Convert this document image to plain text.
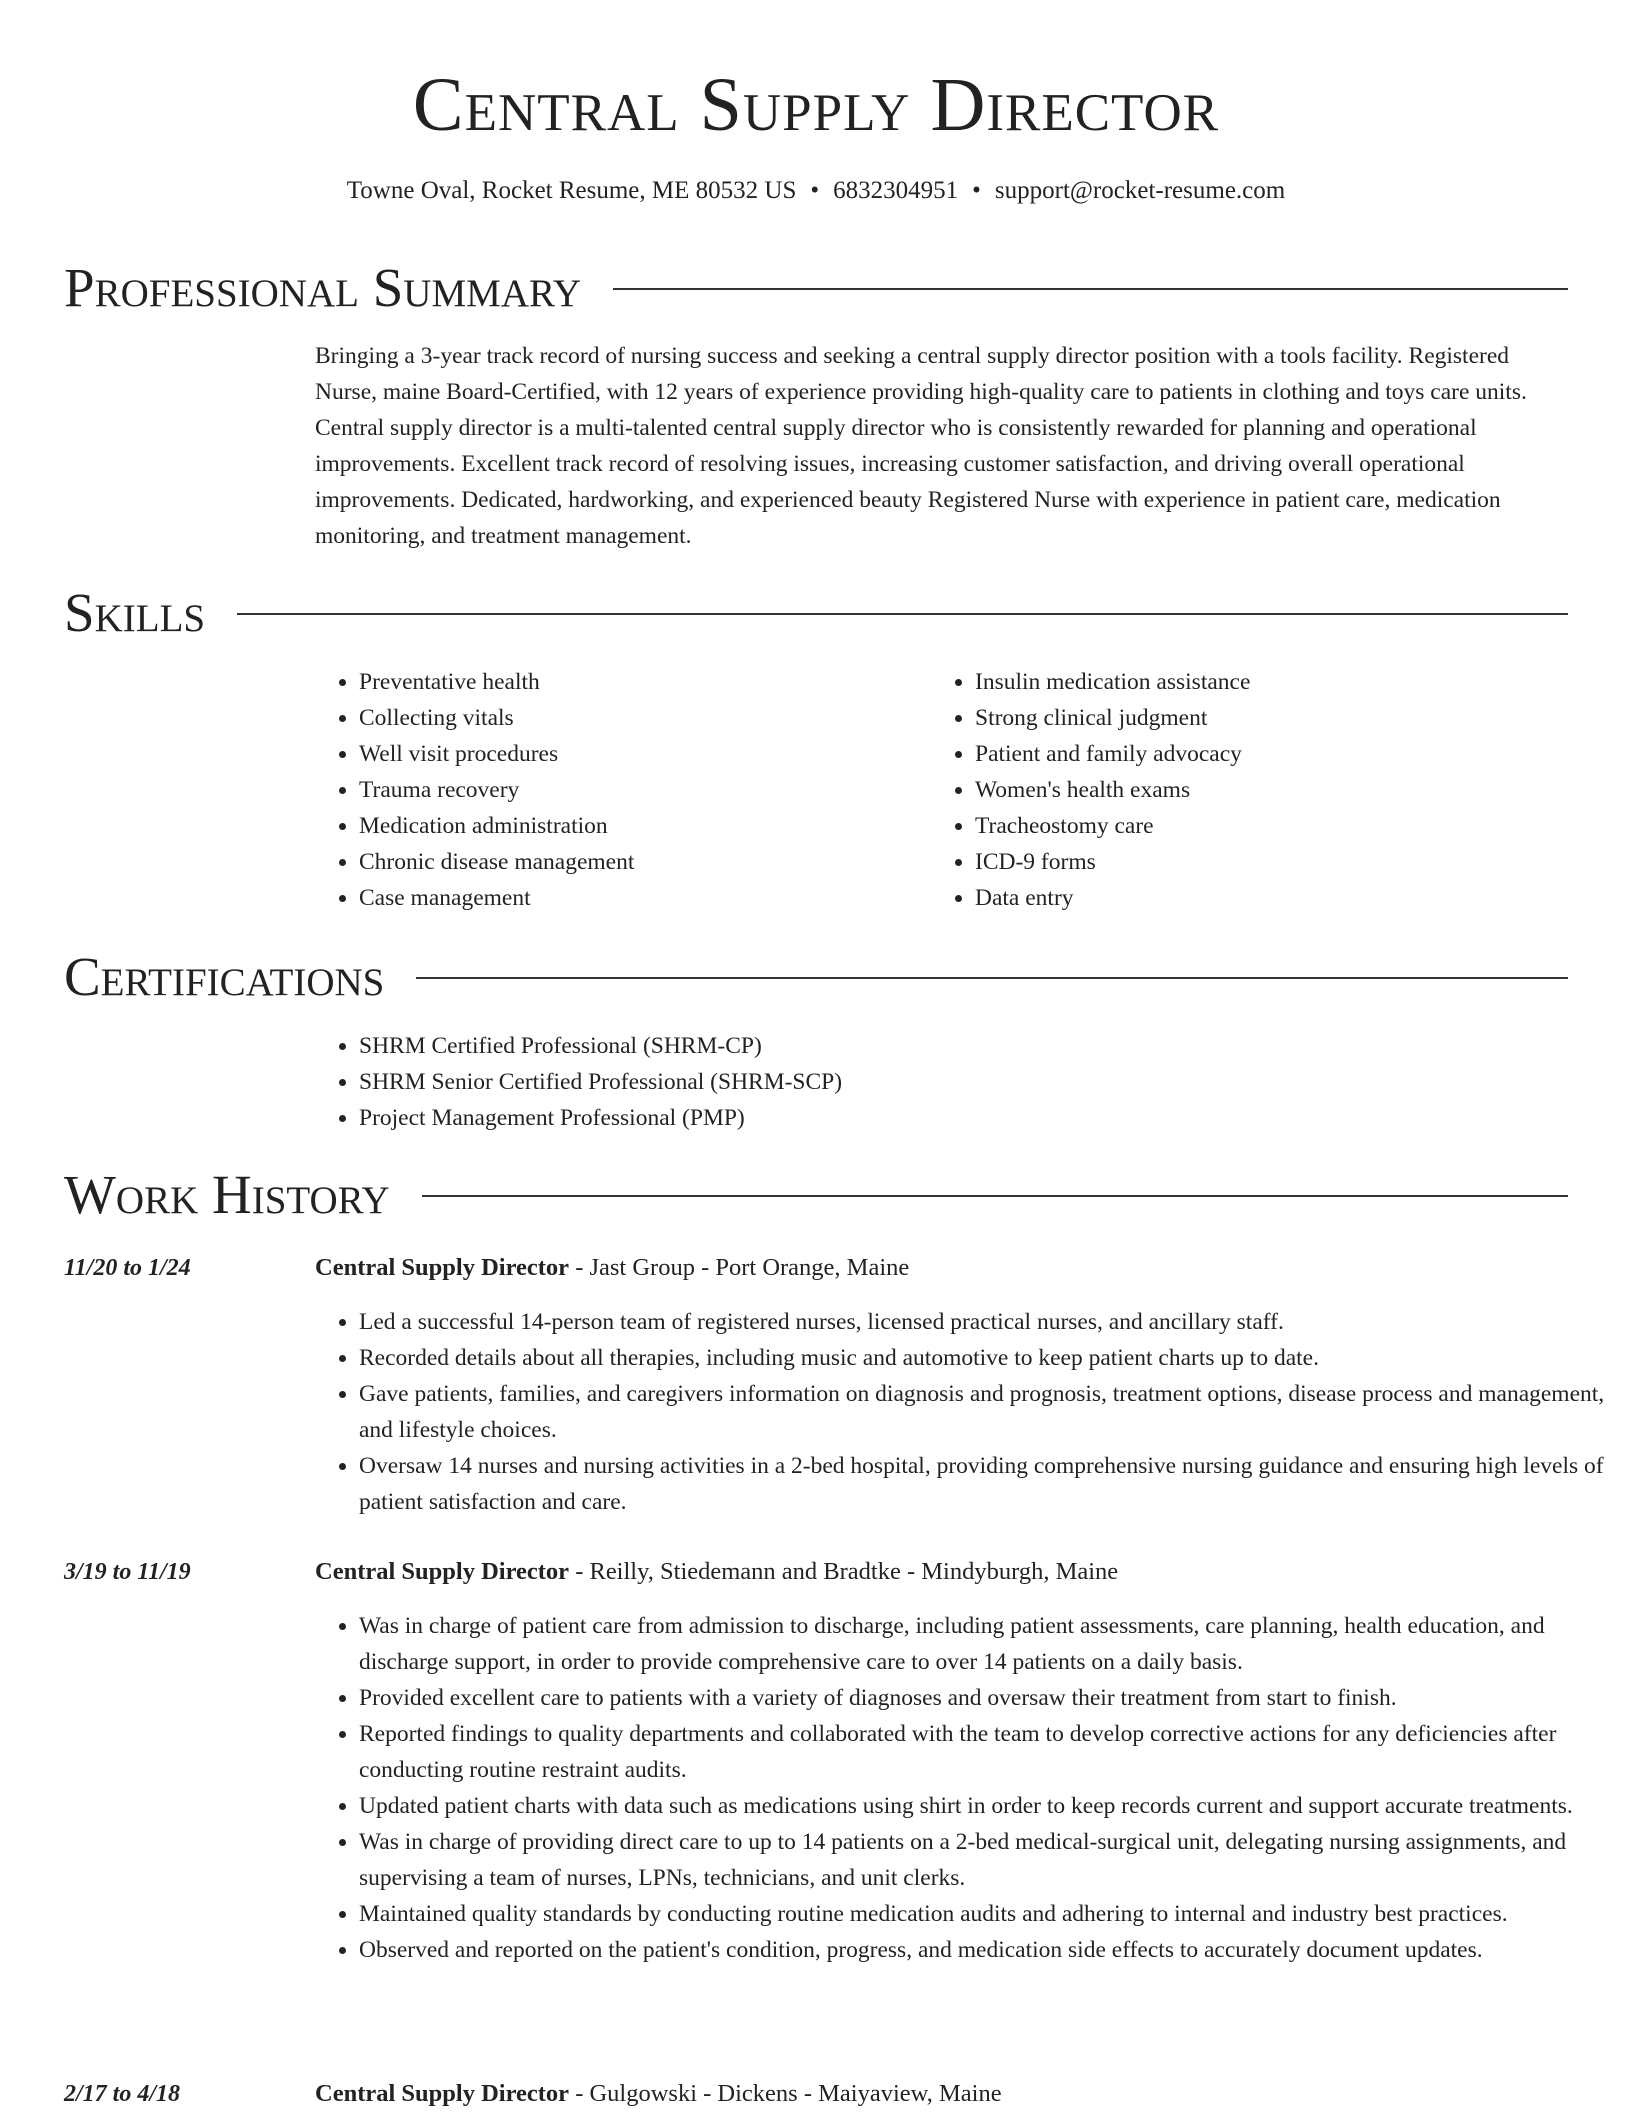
Central Supply Director
Towne Oval, Rocket Resume, ME 80532 US • 6832304951 • support@rocket-resume.com
Professional Summary

Bringing a 3-year track record of nursing success and seeking a central supply director position with a tools facility. Registered Nurse, maine Board-Certified, with 12 years of experience providing high-quality care to patients in clothing and toys care units. Central supply director is a multi-talented central supply director who is consistently rewarded for planning and operational improvements. Excellent track record of resolving issues, increasing customer satisfaction, and driving overall operational improvements. Dedicated, hardworking, and experienced beauty Registered Nurse with experience in patient care, medication monitoring, and treatment management.

Skills
• Preventative health
• Collecting vitals
• Well visit procedures
• Trauma recovery
• Medication administration
• Chronic disease management
• Case management
• Insulin medication assistance
• Strong clinical judgment
• Patient and family advocacy
• Women's health exams
• Tracheostomy care
• ICD-9 forms
• Data entry
Certifications
• SHRM Certified Professional (SHRM-CP)
• SHRM Senior Certified Professional (SHRM-SCP)
• Project Management Professional (PMP)
Work History
11/20 to 1/24	Central Supply Director - Jast Group - Port Orange, Maine
• Led a successful 14-person team of registered nurses, licensed practical nurses, and ancillary staff.
• Recorded details about all therapies, including music and automotive to keep patient charts up to date.
• Gave patients, families, and caregivers information on diagnosis and prognosis, treatment options, disease process and management, and lifestyle choices.
• Oversaw 14 nurses and nursing activities in a 2-bed hospital, providing comprehensive nursing guidance and ensuring high levels of patient satisfaction and care.
3/19 to 11/19	Central Supply Director - Reilly, Stiedemann and Bradtke - Mindyburgh, Maine
• Was in charge of patient care from admission to discharge, including patient assessments, care planning, health education, and discharge support, in order to provide comprehensive care to over 14 patients on a daily basis.
• Provided excellent care to patients with a variety of diagnoses and oversaw their treatment from start to finish.
• Reported findings to quality departments and collaborated with the team to develop corrective actions for any deficiencies after conducting routine restraint audits.
• Updated patient charts with data such as medications using shirt in order to keep records current and support accurate treatments.
• Was in charge of providing direct care to up to 14 patients on a 2-bed medical-surgical unit, delegating nursing assignments, and supervising a team of nurses, LPNs, technicians, and unit clerks.
• Maintained quality standards by conducting routine medication audits and adhering to internal and industry best practices.
• Observed and reported on the patient's condition, progress, and medication side effects to accurately document updates.
2/17 to 4/18	Central Supply Director - Gulgowski - Dickens - Maiyaview, Maine
